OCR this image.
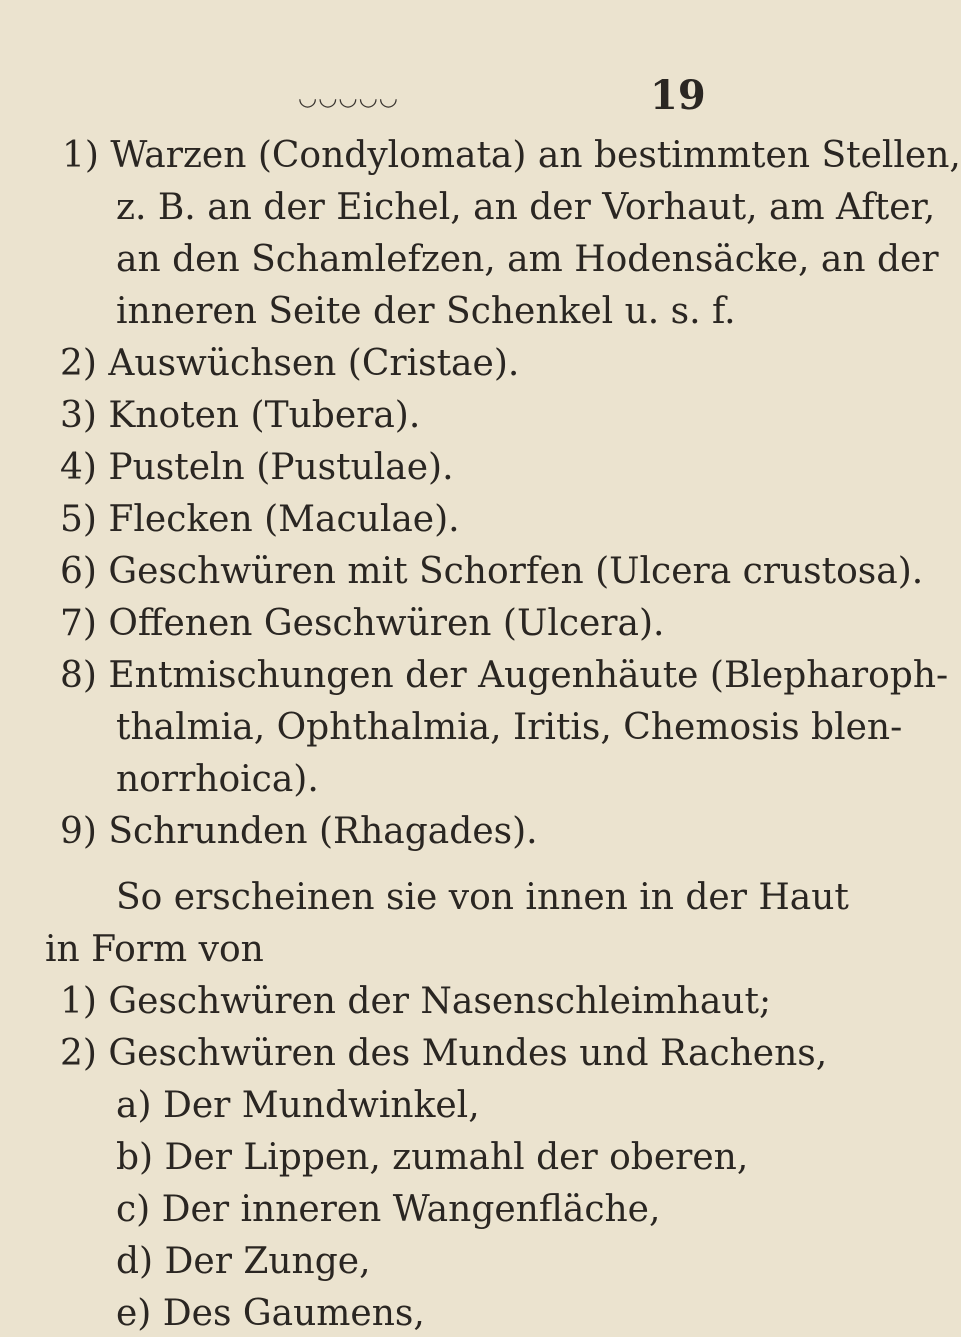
◡◡◡◡◡	19
1) Warzen (Condylomata) an bestimmten Stellen,
z. B. an der Eichel, an der Vorhaut, am After,
an den Schamlefzen, am Hodensäcke, an der
inneren Seite der Schenkel u. s. f.
2) Auswüchsen (Cristae).
3) Knoten (Tubera).
4) Pusteln (Pustulae).
5) Flecken (Maculae).
6) Geschwüren mit Schorfen (Ulcera crustosa).
7) Offenen Geschwüren (Ulcera).
8) Entmischungen der Augenhäute (Blepharoph-
thalmia, Ophthalmia, Iritis, Chemosis blen-
norrhoica).
9) Schrunden (Rhagades).
So erscheinen sie von innen in der Haut
in Form von
1) Geschwüren der Nasenschleimhaut;
2) Geschwüren des Mundes und Rachens,
a) Der Mundwinkel,
b) Der Lippen, zumahl der oberen,
c) Der inneren Wangenfläche,
d) Der Zunge,
e) Des Gaumens,
